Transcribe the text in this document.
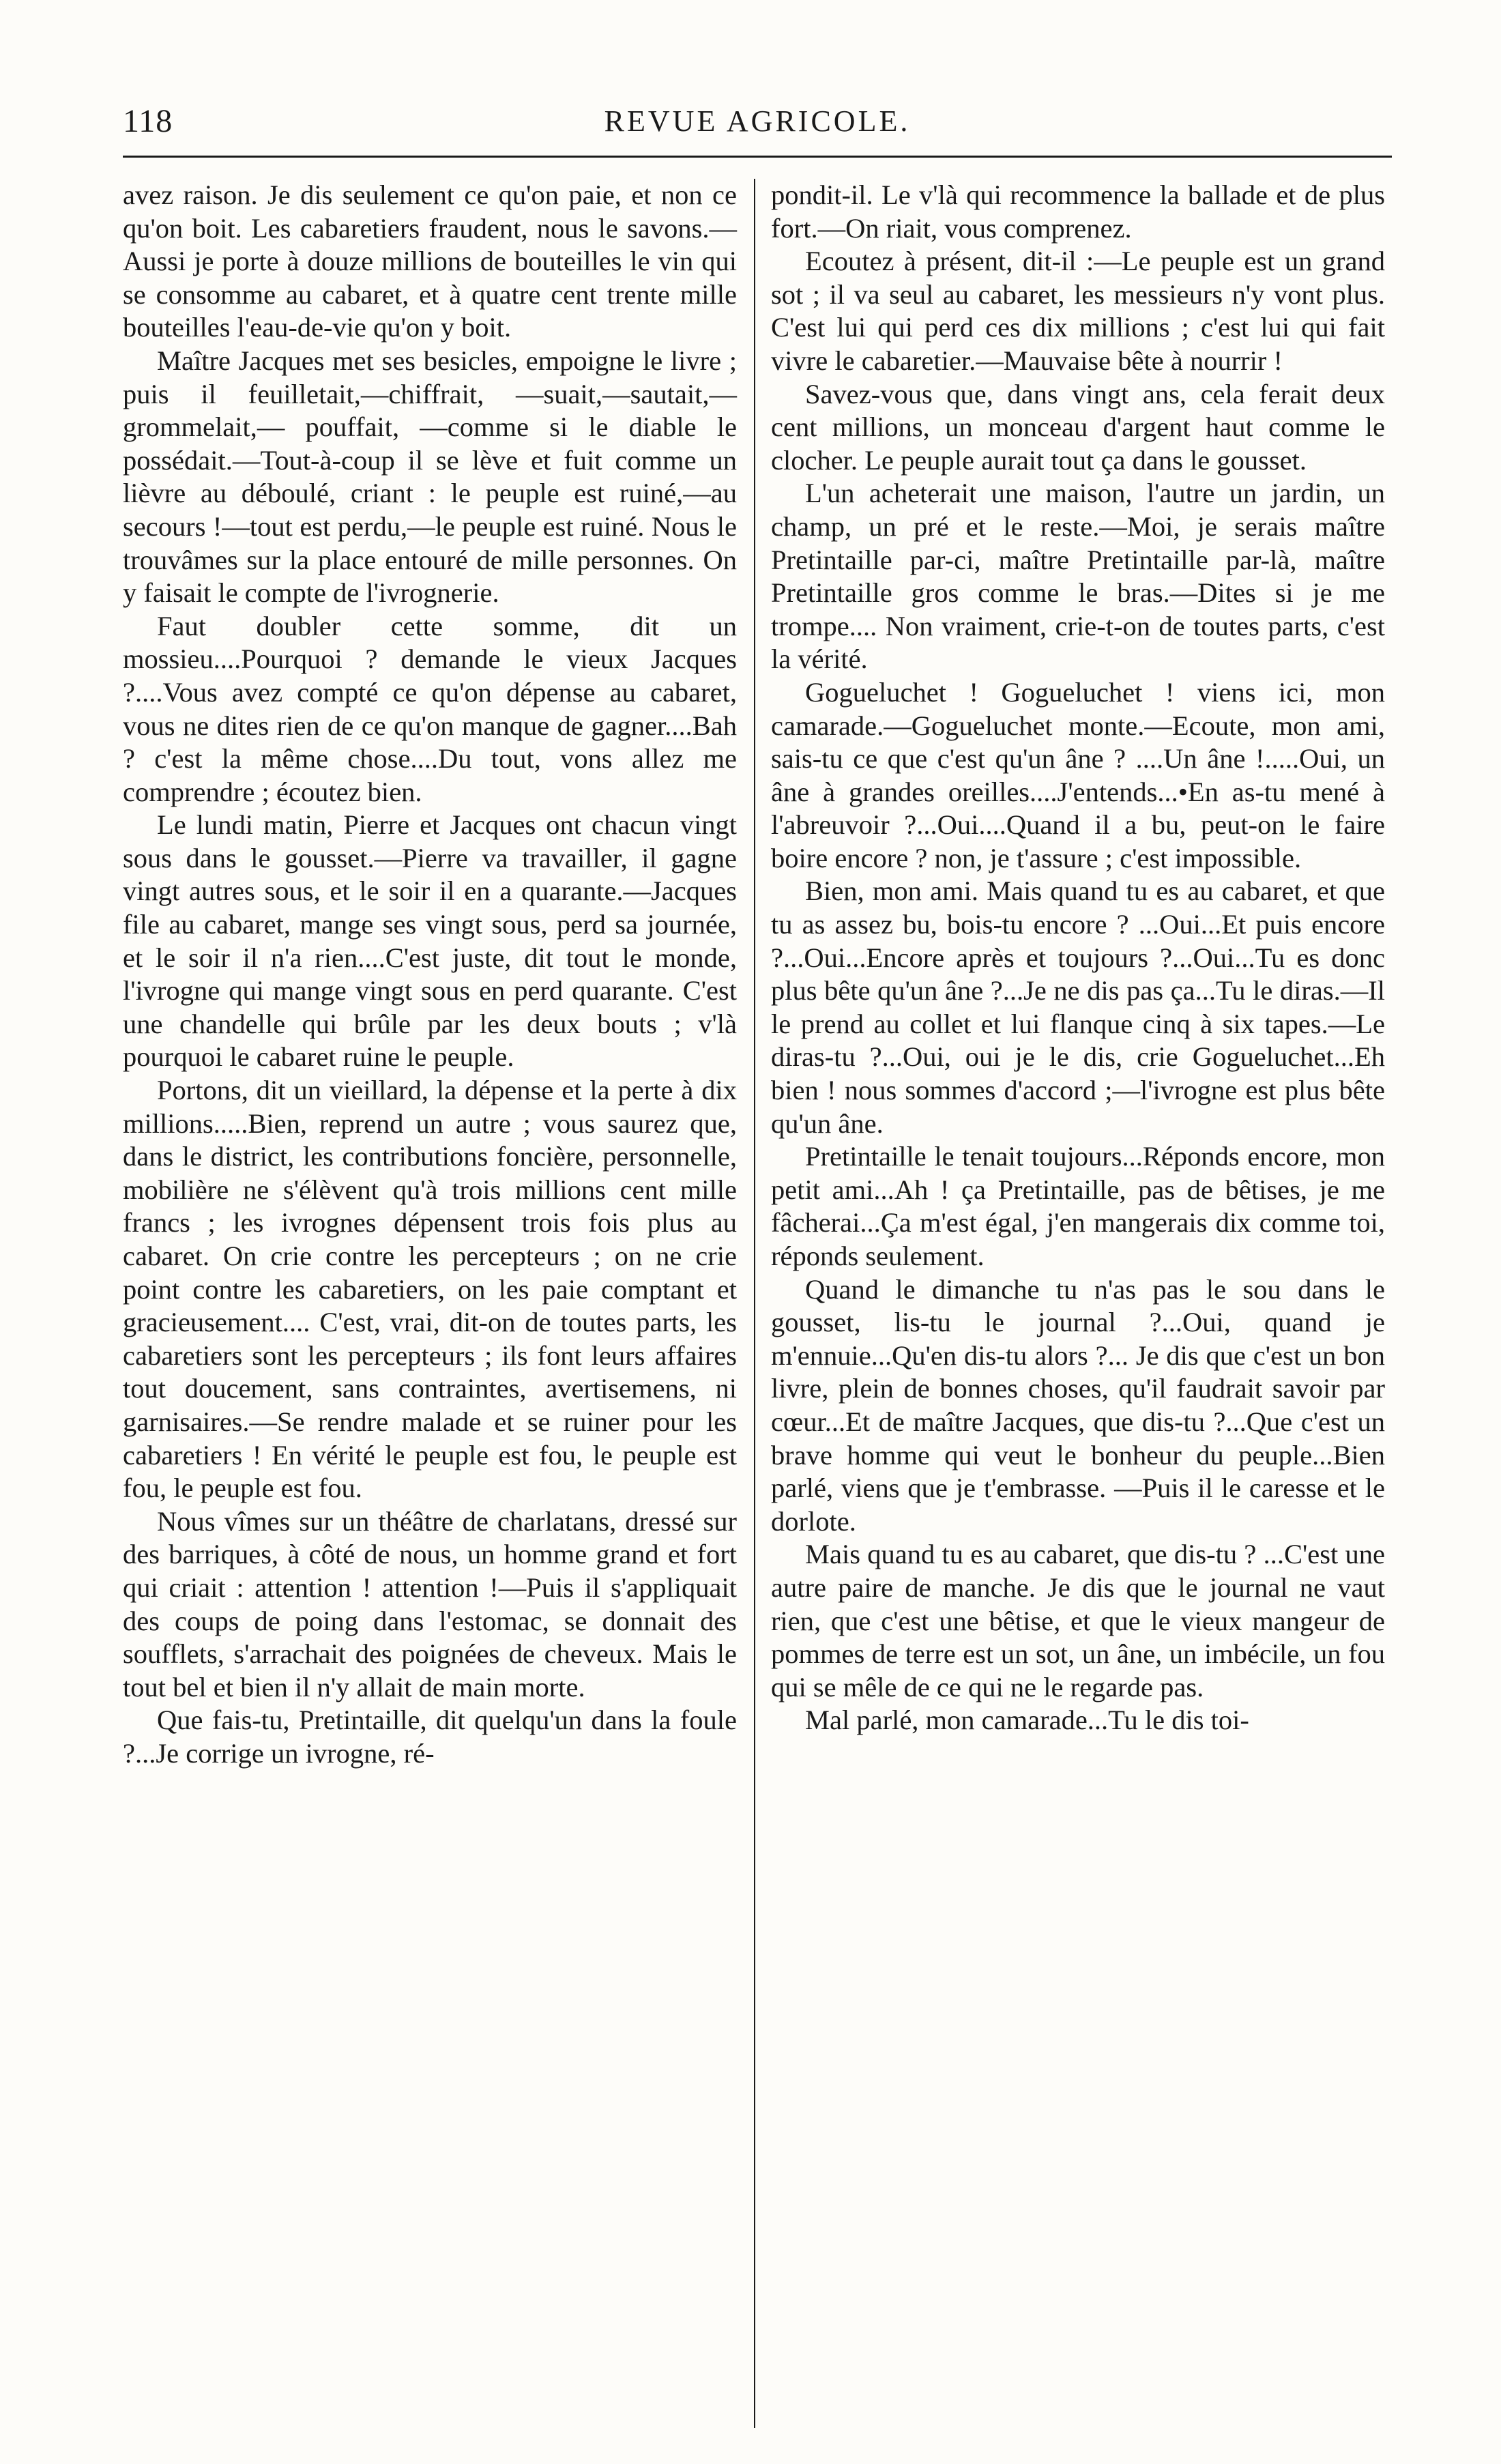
118	REVUE AGRICOLE.

avez raison. Je dis seulement ce qu'on paie, et non ce qu'on boit. Les cabaretiers fraudent, nous le savons.—Aussi je porte à douze millions de bouteilles le vin qui se consomme au cabaret, et à quatre cent trente mille bouteilles l'eau-de-vie qu'on y boit.

Maître Jacques met ses besicles, empoigne le livre ; puis il feuilletait,—chiffrait, —suait,—sautait,—grommelait,— pouffait, —comme si le diable le possédait.—Tout-à-coup il se lève et fuit comme un lièvre au déboulé, criant : le peuple est ruiné,—au secours !—tout est perdu,—le peuple est ruiné. Nous le trouvâmes sur la place entouré de mille personnes. On y faisait le compte de l'ivrognerie.

Faut doubler cette somme, dit un mossieu....Pourquoi ? demande le vieux Jacques ?....Vous avez compté ce qu'on dépense au cabaret, vous ne dites rien de ce qu'on manque de gagner....Bah ? c'est la même chose....Du tout, vons allez me comprendre ; écoutez bien.

Le lundi matin, Pierre et Jacques ont chacun vingt sous dans le gousset.—Pierre va travailler, il gagne vingt autres sous, et le soir il en a quarante.—Jacques file au cabaret, mange ses vingt sous, perd sa journée, et le soir il n'a rien....C'est juste, dit tout le monde, l'ivrogne qui mange vingt sous en perd quarante. C'est une chandelle qui brûle par les deux bouts ; v'là pourquoi le cabaret ruine le peuple.

Portons, dit un vieillard, la dépense et la perte à dix millions.....Bien, reprend un autre ; vous saurez que, dans le district, les contributions foncière, personnelle, mobilière ne s'élèvent qu'à trois millions cent mille francs ; les ivrognes dépensent trois fois plus au cabaret. On crie contre les percepteurs ; on ne crie point contre les cabaretiers, on les paie comptant et gracieusement.... C'est, vrai, dit-on de toutes parts, les cabaretiers sont les percepteurs ; ils font leurs affaires tout doucement, sans contraintes, avertisemens, ni garnisaires.—Se rendre malade et se ruiner pour les cabaretiers ! En vérité le peuple est fou, le peuple est fou, le peuple est fou.

Nous vîmes sur un théâtre de charlatans, dressé sur des barriques, à côté de nous, un homme grand et fort qui criait : attention ! attention !—Puis il s'appliquait des coups de poing dans l'estomac, se donnait des soufflets, s'arrachait des poignées de cheveux. Mais le tout bel et bien il n'y allait de main morte.

Que fais-tu, Pretintaille, dit quelqu'un dans la foule ?...Je corrige un ivrogne, ré-

pondit-il. Le v'là qui recommence la ballade et de plus fort.—On riait, vous comprenez.

Ecoutez à présent, dit-il :—Le peuple est un grand sot ; il va seul au cabaret, les messieurs n'y vont plus. C'est lui qui perd ces dix millions ; c'est lui qui fait vivre le cabaretier.—Mauvaise bête à nourrir !

Savez-vous que, dans vingt ans, cela ferait deux cent millions, un monceau d'argent haut comme le clocher. Le peuple aurait tout ça dans le gousset.

L'un acheterait une maison, l'autre un jardin, un champ, un pré et le reste.—Moi, je serais maître Pretintaille par-ci, maître Pretintaille par-là, maître Pretintaille gros comme le bras.—Dites si je me trompe.... Non vraiment, crie-t-on de toutes parts, c'est la vérité.

Gogueluchet ! Gogueluchet ! viens ici, mon camarade.—Gogueluchet monte.—Ecoute, mon ami, sais-tu ce que c'est qu'un âne ? ....Un âne !.....Oui, un âne à grandes oreilles....J'entends...•En as-tu mené à l'abreuvoir ?...Oui....Quand il a bu, peut-on le faire boire encore ? non, je t'assure ; c'est impossible.

Bien, mon ami. Mais quand tu es au cabaret, et que tu as assez bu, bois-tu encore ? ...Oui...Et puis encore ?...Oui...Encore après et toujours ?...Oui...Tu es donc plus bête qu'un âne ?...Je ne dis pas ça...Tu le diras.—Il le prend au collet et lui flanque cinq à six tapes.—Le diras-tu ?...Oui, oui je le dis, crie Gogueluchet...Eh bien ! nous sommes d'accord ;—l'ivrogne est plus bête qu'un âne.

Pretintaille le tenait toujours...Réponds encore, mon petit ami...Ah ! ça Pretintaille, pas de bêtises, je me fâcherai...Ça m'est égal, j'en mangerais dix comme toi, réponds seulement.

Quand le dimanche tu n'as pas le sou dans le gousset, lis-tu le journal ?...Oui, quand je m'ennuie...Qu'en dis-tu alors ?... Je dis que c'est un bon livre, plein de bonnes choses, qu'il faudrait savoir par cœur...Et de maître Jacques, que dis-tu ?...Que c'est un brave homme qui veut le bonheur du peuple...Bien parlé, viens que je t'embrasse. —Puis il le caresse et le dorlote.

Mais quand tu es au cabaret, que dis-tu ? ...C'est une autre paire de manche. Je dis que le journal ne vaut rien, que c'est une bêtise, et que le vieux mangeur de pommes de terre est un sot, un âne, un imbécile, un fou qui se mêle de ce qui ne le regarde pas.

Mal parlé, mon camarade...Tu le dis toi-
